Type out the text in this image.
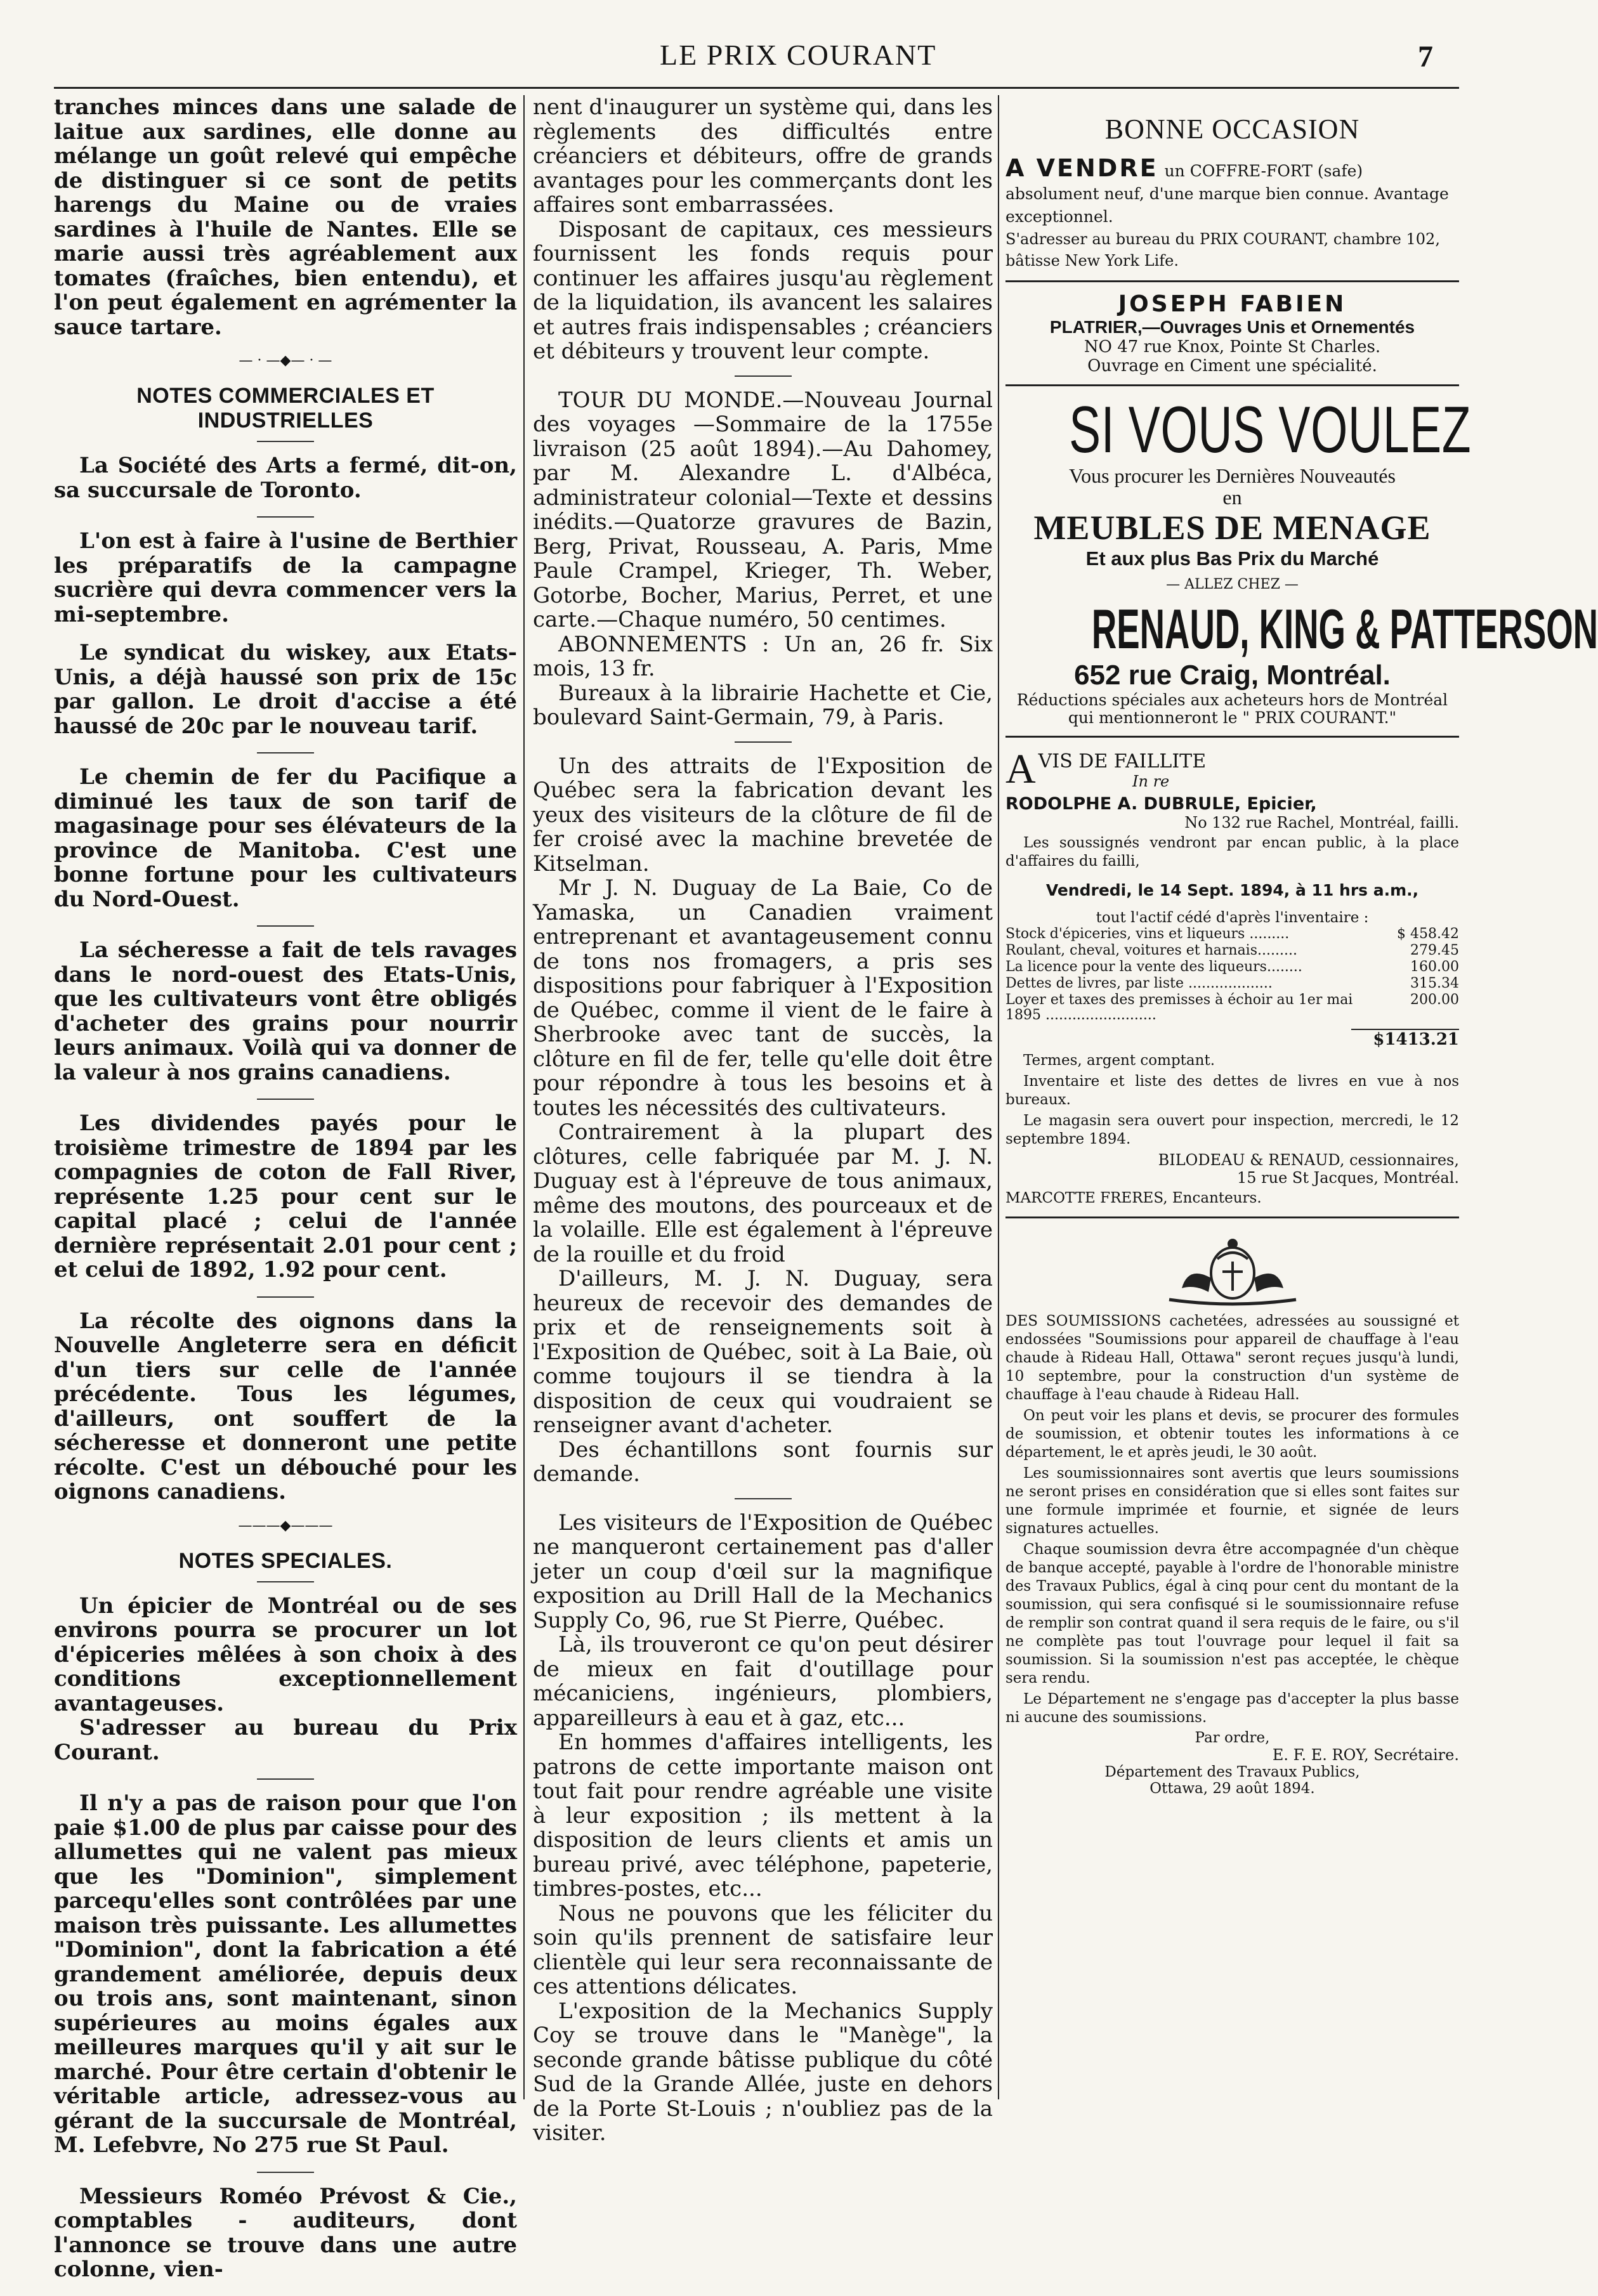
LE PRIX COURANT	7

tranches minces dans une salade de laitue aux sardines, elle donne au mélange un goût relevé qui empêche de distinguer si ce sont de petits harengs du Maine ou de vraies sardines à l'huile de Nantes. Elle se marie aussi très agréablement aux tomates (fraîches, bien entendu), et l'on peut également en agrémenter la sauce tartare.

— · —◆— · —
NOTES COMMERCIALES ET INDUSTRIELLES

La Société des Arts a fermé, dit-on, sa succursale de Toronto.

L'on est à faire à l'usine de Berthier les préparatifs de la campagne sucrière qui devra commencer vers la mi-septembre.

Le syndicat du wiskey, aux Etats-Unis, a déjà haussé son prix de 15c par gallon. Le droit d'accise a été haussé de 20c par le nouveau tarif.

Le chemin de fer du Pacifique a diminué les taux de son tarif de magasinage pour ses élévateurs de la province de Manitoba. C'est une bonne fortune pour les cultivateurs du Nord-Ouest.

La sécheresse a fait de tels ravages dans le nord-ouest des Etats-Unis, que les cultivateurs vont être obligés d'acheter des grains pour nourrir leurs animaux. Voilà qui va donner de la valeur à nos grains canadiens.

Les dividendes payés pour le troisième trimestre de 1894 par les compagnies de coton de Fall River, représente 1.25 pour cent sur le capital placé ; celui de l'année dernière représentait 2.01 pour cent ; et celui de 1892, 1.92 pour cent.

La récolte des oignons dans la Nouvelle Angleterre sera en déficit d'un tiers sur celle de l'année précédente. Tous les légumes, d'ailleurs, ont souffert de la sécheresse et donneront une petite récolte. C'est un débouché pour les oignons canadiens.

———◆———
NOTES SPECIALES.

Un épicier de Montréal ou de ses environs pourra se procurer un lot d'épiceries mêlées à son choix à des conditions exceptionnellement avantageuses.

S'adresser au bureau du Prix Courant.

Il n'y a pas de raison pour que l'on paie $1.00 de plus par caisse pour des allumettes qui ne valent pas mieux que les "Dominion", simplement parcequ'elles sont contrôlées par une maison très puissante. Les allumettes "Dominion", dont la fabrication a été grandement améliorée, depuis deux ou trois ans, sont maintenant, sinon supérieures au moins égales aux meilleures marques qu'il y ait sur le marché. Pour être certain d'obtenir le véritable article, adressez-vous au gérant de la succursale de Montréal, M. Lefebvre, No 275 rue St Paul.

Messieurs Roméo Prévost & Cie., comptables - auditeurs, dont l'annonce se trouve dans une autre colonne, vien-

nent d'inaugurer un système qui, dans les règlements des difficultés entre créanciers et débiteurs, offre de grands avantages pour les commerçants dont les affaires sont embarrassées.

Disposant de capitaux, ces messieurs fournissent les fonds requis pour continuer les affaires jusqu'au règlement de la liquidation, ils avancent les salaires et autres frais indispensables ; créanciers et débiteurs y trouvent leur compte.

TOUR DU MONDE.—Nouveau Journal des voyages —Sommaire de la 1755e livraison (25 août 1894).—Au Dahomey, par M. Alexandre L. d'Albéca, administrateur colonial—Texte et dessins inédits.—Quatorze gravures de Bazin, Berg, Privat, Rousseau, A. Paris, Mme Paule Crampel, Krieger, Th. Weber, Gotorbe, Bocher, Marius, Perret, et une carte.—Chaque numéro, 50 centimes.

ABONNEMENTS : Un an, 26 fr. Six mois, 13 fr.

Bureaux à la librairie Hachette et Cie, boulevard Saint-Germain, 79, à Paris.

Un des attraits de l'Exposition de Québec sera la fabrication devant les yeux des visiteurs de la clôture de fil de fer croisé avec la machine brevetée de Kitselman.

Mr J. N. Duguay de La Baie, Co de Yamaska, un Canadien vraiment entreprenant et avantageusement connu de tons nos fromagers, a pris ses dispositions pour fabriquer à l'Exposition de Québec, comme il vient de le faire à Sherbrooke avec tant de succès, la clôture en fil de fer, telle qu'elle doit être pour répondre à tous les besoins et à toutes les nécessités des cultivateurs.

Contrairement à la plupart des clôtures, celle fabriquée par M. J. N. Duguay est à l'épreuve de tous animaux, même des moutons, des pourceaux et de la volaille. Elle est également à l'épreuve de la rouille et du froid

D'ailleurs, M. J. N. Duguay, sera heureux de recevoir des demandes de prix et de renseignements soit à l'Exposition de Québec, soit à La Baie, où comme toujours il se tiendra à la disposition de ceux qui voudraient se renseigner avant d'acheter.

Des échantillons sont fournis sur demande.

Les visiteurs de l'Exposition de Québec ne manqueront certainement pas d'aller jeter un coup d'œil sur la magnifique exposition au Drill Hall de la Mechanics Supply Co, 96, rue St Pierre, Québec.

Là, ils trouveront ce qu'on peut désirer de mieux en fait d'outillage pour mécaniciens, ingénieurs, plombiers, appareilleurs à eau et à gaz, etc...

En hommes d'affaires intelligents, les patrons de cette importante maison ont tout fait pour rendre agréable une visite à leur exposition ; ils mettent à la disposition de leurs clients et amis un bureau privé, avec téléphone, papeterie, timbres-postes, etc...

Nous ne pouvons que les féliciter du soin qu'ils prennent de satisfaire leur clientèle qui leur sera reconnaissante de ces attentions délicates.

L'exposition de la Mechanics Supply Coy se trouve dans le "Manège", la seconde grande bâtisse publique du côté Sud de la Grande Allée, juste en dehors de la Porte St-Louis ; n'oubliez pas de la visiter.

BONNE OCCASION
A VENDRE un COFFRE-FORT (safe) absolument neuf, d'une marque bien connue. Avantage exceptionnel.
S'adresser au bureau du PRIX COURANT, chambre 102, bâtisse New York Life.
JOSEPH FABIEN
PLATRIER,—Ouvrages Unis et Ornementés
NO 47 rue Knox, Pointe St Charles.
Ouvrage en Ciment une spécialité.
SI VOUS VOULEZ
Vous procurer les Dernières Nouveautés en
MEUBLES DE MENAGE
Et aux plus Bas Prix du Marché
— ALLEZ CHEZ —
RENAUD, KING & PATTERSON
652 rue Craig, Montréal.
Réductions spéciales aux acheteurs hors de Montréal qui mentionneront le " PRIX COURANT."
AVIS DE FAILLITE
In re
RODOLPHE A. DUBRULE, Epicier,
No 132 rue Rachel, Montréal, failli.
Les soussignés vendront par encan public, à la place d'affaires du failli,
Vendredi, le 14 Sept. 1894, à 11 hrs a.m.,
tout l'actif cédé d'après l'inventaire :
Stock d'épiceries, vins et liqueurs .........	$ 458.42
Roulant, cheval, voitures et harnais.........	279.45
La licence pour la vente des liqueurs........	160.00
Dettes de livres, par liste ...................	315.34
Loyer et taxes des premisses à échoir au 1er mai 1895 .........................	200.00
$1413.21
Termes, argent comptant.
Inventaire et liste des dettes de livres en vue à nos bureaux.
Le magasin sera ouvert pour inspection, mercredi, le 12 septembre 1894.
BILODEAU & RENAUD, cessionnaires,
15 rue St Jacques, Montréal.
MARCOTTE FRERES, Encanteurs.
DES SOUMISSIONS cachetées, adressées au soussigné et endossées "Soumissions pour appareil de chauffage à l'eau chaude à Rideau Hall, Ottawa" seront reçues jusqu'à lundi, 10 septembre, pour la construction d'un système de chauffage à l'eau chaude à Rideau Hall.
On peut voir les plans et devis, se procurer des formules de soumission, et obtenir toutes les informations à ce département, le et après jeudi, le 30 août.
Les soumissionnaires sont avertis que leurs soumissions ne seront prises en considération que si elles sont faites sur une formule imprimée et fournie, et signée de leurs signatures actuelles.
Chaque soumission devra être accompagnée d'un chèque de banque accepté, payable à l'ordre de l'honorable ministre des Travaux Publics, égal à cinq pour cent du montant de la soumission, qui sera confisqué si le soumissionnaire refuse de remplir son contrat quand il sera requis de le faire, ou s'il ne complète pas tout l'ouvrage pour lequel il fait sa soumission. Si la soumission n'est pas acceptée, le chèque sera rendu.
Le Département ne s'engage pas d'accepter la plus basse ni aucune des soumissions.
Par ordre,
E. F. E. ROY, Secrétaire.
Département des Travaux Publics,
Ottawa, 29 août 1894.
